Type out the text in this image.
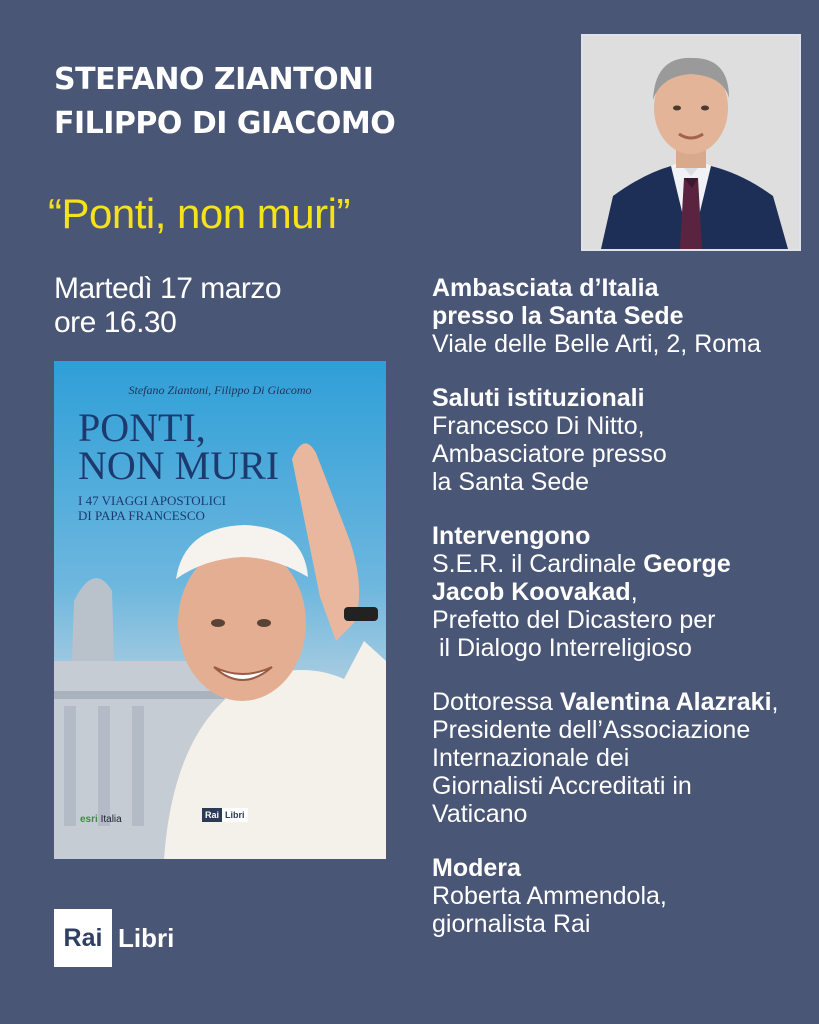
STEFANO ZIANTONI
FILIPPO DI GIACOMO
“Ponti, non muri”
Martedì 17 marzo
ore 16.30
Stefano Ziantoni, Filippo Di Giacomo
PONTI,
NON MURI
I 47 VIAGGI APOSTOLICI
DI PAPA FRANCESCO
esri Italia	Rai Libri
Ambasciata d’Italia
presso la Santa Sede
Viale delle Belle Arti, 2, Roma
Saluti istituzionali
Francesco Di Nitto,
Ambasciatore presso
la Santa Sede
Intervengono
S.E.R. il Cardinale George
Jacob Koovakad,
Prefetto del Dicastero per
il Dialogo Interreligioso
Dottoressa Valentina Alazraki,
Presidente dell’Associazione
Internazionale dei
Giornalisti Accreditati in
Vaticano
Modera
Roberta Ammendola,
giornalista Rai
Rai Libri
